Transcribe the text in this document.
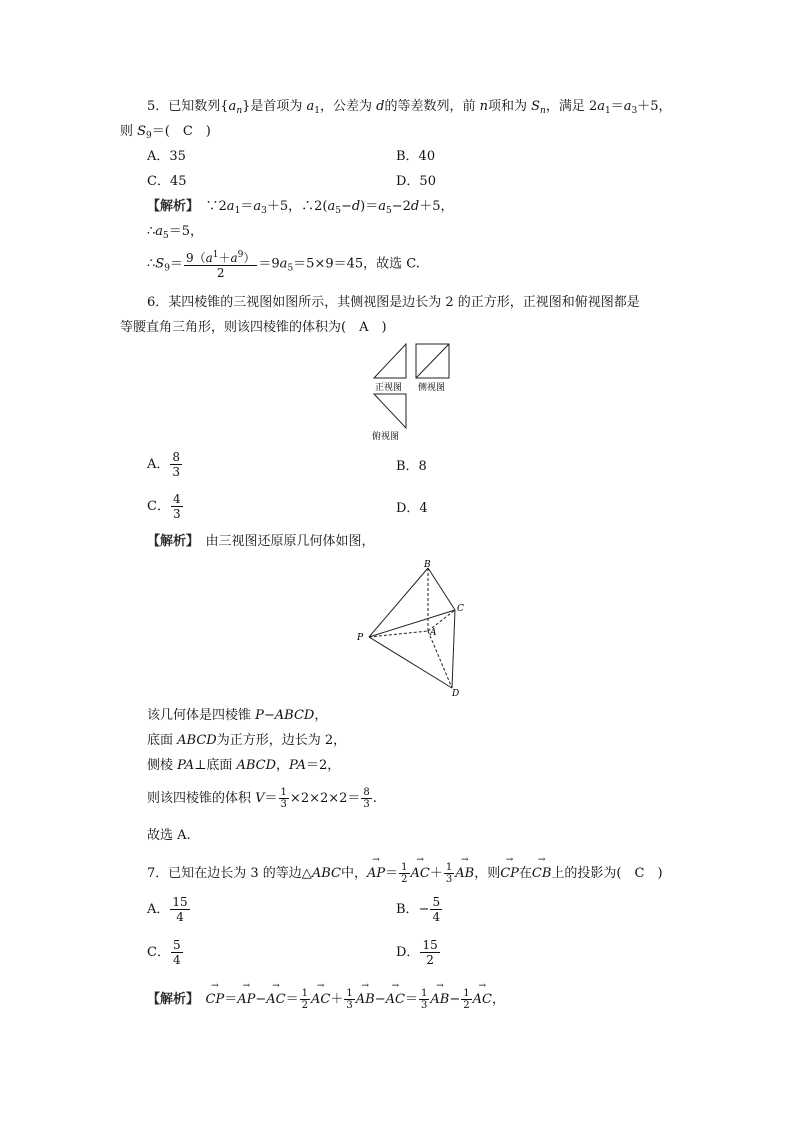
5．已知数列$\{a_n\}$是首项为 $a_1$，公差为 d的等差数列，前 n项和为 $S_n$，满足 $2a_1=a_3+5$，
则 $S_9=$(　C　)
A．35	B．40
C．45	D．50
【解析】　$\because 2a_1=a_3+5$，$\therefore 2(a_5-d)=a_5-2d+5$，
$\therefore a_5=5$，
$\therefore S_9= \frac{9(a^1+a^9)}{2} =9a_5=5\times 9=45$，故选 C.
6．某四棱锥的三视图如图所示，其侧视图是边长为 2 的正方形，正视图和俯视图都是
等腰直角三角形，则该四棱锥的体积为(　A　)
正视图 侧视图
俯视图
A． $\frac{8}{3}$	B．8
C． $\frac{4}{3}$	D．4
【解析】　 由三视图还原原几何体如图，
B
C
P	A
D
该几何体是四棱锥 P−ABCD，
底面 ABCD为正方形，边长为 2，
侧棱 PA⊥底面 ABCD，PA＝2，
则该四棱锥的体积 $V= \frac{1}{3} \times 2\times 2\times 2= \frac{8}{3}$ .
故选 A.
7．已知在边长为 3 的等边△ABC中，→ $AP= \frac{1}{2}$
→ $AC+ \frac{1}{3}$
→ AB，则→ CP在→ CB上的投影为(　C　)
A． $\frac{15}{4}$	B．− $\frac{5}{4}$
C． $\frac{5}{4}$	D． $\frac{15}{2}$
【解析】　→ $CP=\to AP-\to AC= \frac{1}{2}$
→ $AC+ \frac{1}{3}$
→ $AB-\to AC= \frac{1}{3}$
→ $AB- \frac{1}{2}$
→ AC，
